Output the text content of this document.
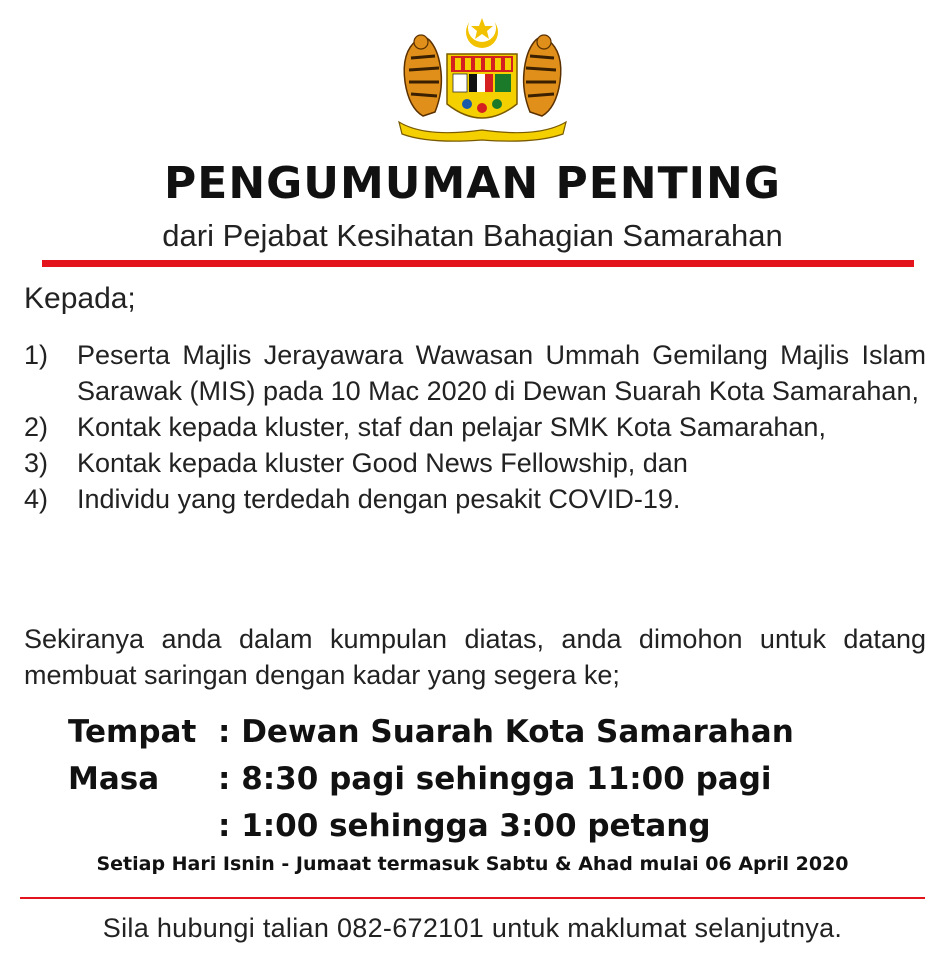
PENGUMUMAN PENTING
dari Pejabat Kesihatan Bahagian Samarahan
Kepada;
1)	Peserta Majlis Jerayawara Wawasan Ummah Gemilang Majlis Islam Sarawak (MIS) pada 10 Mac 2020 di Dewan Suarah Kota Samarahan,
2)	Kontak kepada kluster, staf dan pelajar SMK Kota Samarahan,
3)	Kontak kepada kluster Good News Fellowship, dan
4)	Individu yang terdedah dengan pesakit COVID-19.

Sekiranya anda dalam kumpulan diatas, anda dimohon untuk datang membuat saringan dengan kadar yang segera ke;

Tempat : Dewan Suarah Kota Samarahan
Masa : 8:30 pagi sehingga 11:00 pagi
: 1:00 sehingga 3:00 petang
Setiap Hari Isnin - Jumaat termasuk Sabtu & Ahad mulai 06 April 2020
Sila hubungi talian 082-672101 untuk maklumat selanjutnya.
